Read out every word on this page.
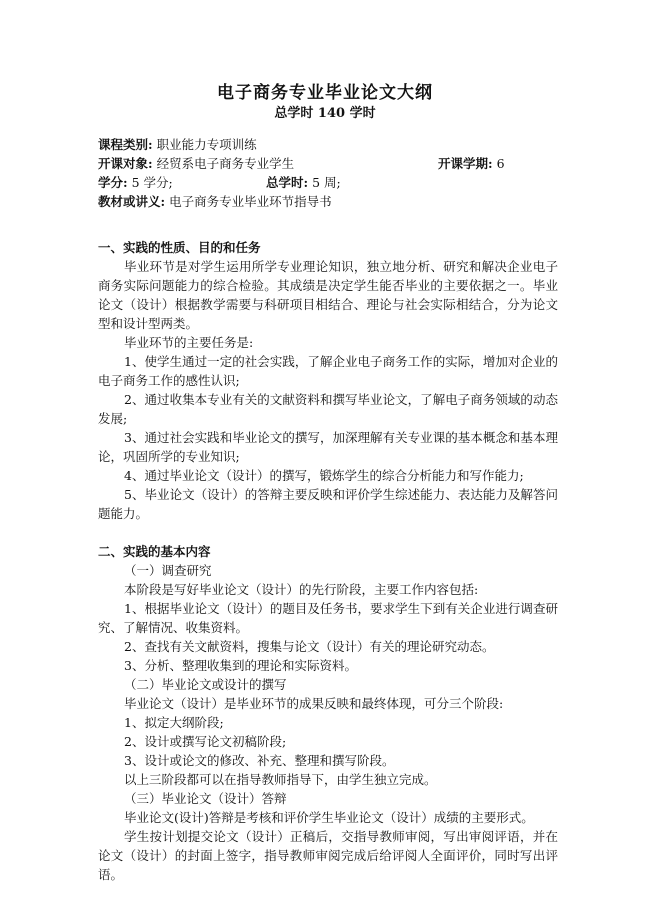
电子商务专业毕业论文大纲
总学时 140 学时
课程类别: 职业能力专项训练
开课对象: 经贸系电子商务专业学生	开课学期: 6
学分: 5 学分;	总学时: 5 周;
教材或讲义: 电子商务专业毕业环节指导书
一、实践的性质、目的和任务

毕业环节是对学生运用所学专业理论知识，独立地分析、研究和解决企业电子商务实际问题能力的综合检验。其成绩是决定学生能否毕业的主要依据之一。毕业论文（设计）根据教学需要与科研项目相结合、理论与社会实际相结合，分为论文型和设计型两类。

毕业环节的主要任务是:

1、使学生通过一定的社会实践，了解企业电子商务工作的实际，增加对企业的电子商务工作的感性认识;

2、通过收集本专业有关的文献资料和撰写毕业论文，了解电子商务领域的动态发展;

3、通过社会实践和毕业论文的撰写，加深理解有关专业课的基本概念和基本理论，巩固所学的专业知识;

4、通过毕业论文（设计）的撰写，锻炼学生的综合分析能力和写作能力;

5、毕业论文（设计）的答辩主要反映和评价学生综述能力、表达能力及解答问题能力。

二、实践的基本内容

（一）调查研究

本阶段是写好毕业论文（设计）的先行阶段，主要工作内容包括:

1、根据毕业论文（设计）的题目及任务书，要求学生下到有关企业进行调查研究、了解情况、收集资料。

2、查找有关文献资料，搜集与论文（设计）有关的理论研究动态。

3、分析、整理收集到的理论和实际资料。

（二）毕业论文或设计的撰写

毕业论文（设计）是毕业环节的成果反映和最终体现，可分三个阶段:

1、拟定大纲阶段;

2、设计或撰写论文初稿阶段;

3、设计或论文的修改、补充、整理和撰写阶段。

以上三阶段都可以在指导教师指导下，由学生独立完成。

（三）毕业论文（设计）答辩

毕业论文(设计)答辩是考核和评价学生毕业论文（设计）成绩的主要形式。

学生按计划提交论文（设计）正稿后，交指导教师审阅，写出审阅评语，并在论文（设计）的封面上签字，指导教师审阅完成后给评阅人全面评价，同时写出评语。
